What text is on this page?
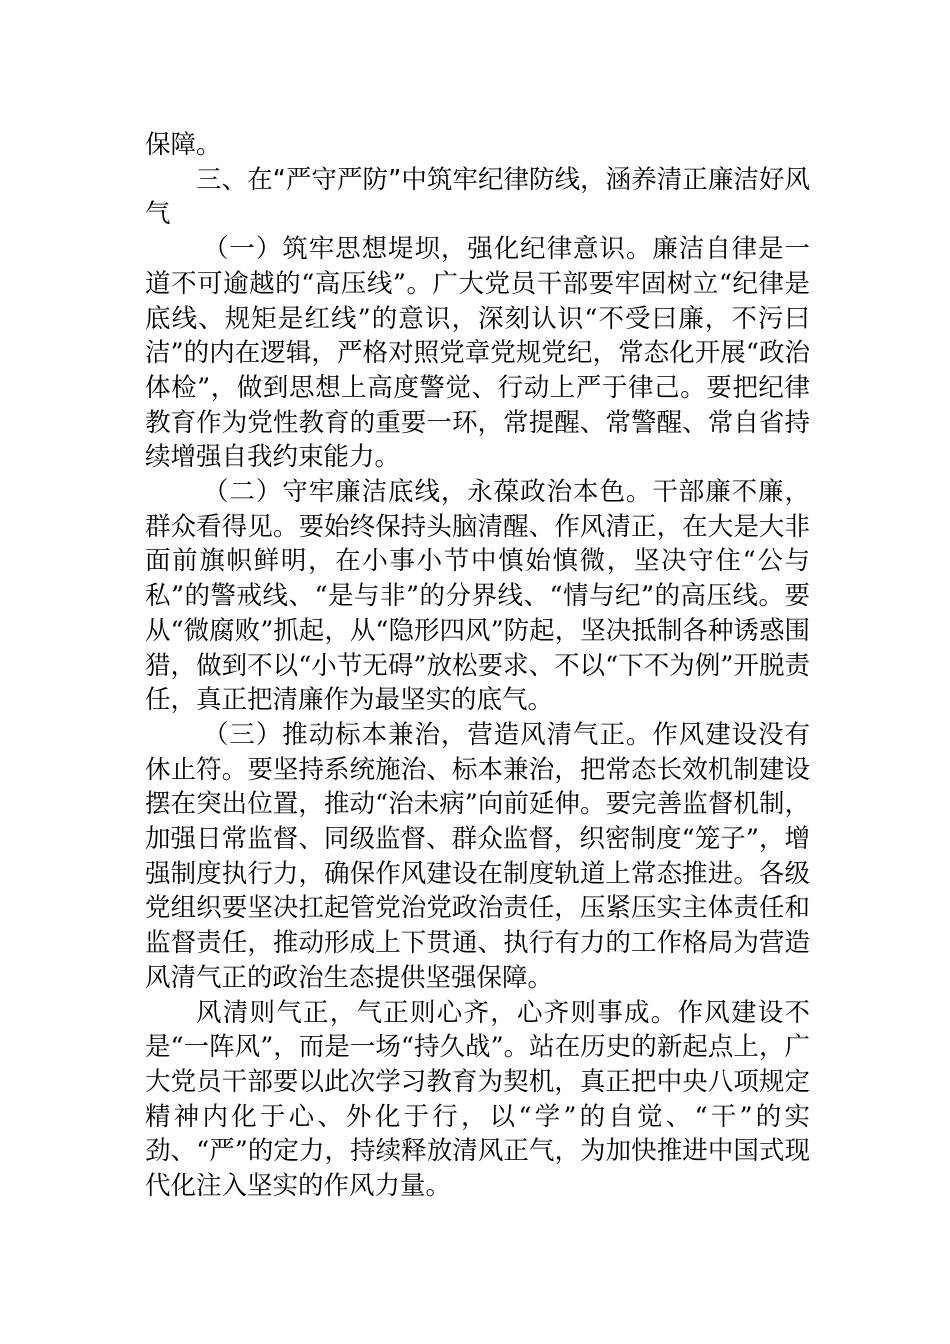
保障。

三、在“严守严防”中筑牢纪律防线，涵养清正廉洁好风气

（一）筑牢思想堤坝，强化纪律意识。廉洁自律是一道不可逾越的“高压线”。广大党员干部要牢固树立“纪律是底线、规矩是红线”的意识，深刻认识“不受曰廉，不污曰洁”的内在逻辑，严格对照党章党规党纪，常态化开展“政治体检”，做到思想上高度警觉、行动上严于律己。要把纪律教育作为党性教育的重要一环，常提醒、常警醒、常自省持续增强自我约束能力。

（二）守牢廉洁底线，永葆政治本色。干部廉不廉，群众看得见。要始终保持头脑清醒、作风清正，在大是大非面前旗帜鲜明，在小事小节中慎始慎微，坚决守住“公与私”的警戒线、“是与非”的分界线、“情与纪”的高压线。要从“微腐败”抓起，从“隐形四风”防起，坚决抵制各种诱惑围猎，做到不以“小节无碍”放松要求、不以“下不为例”开脱责任，真正把清廉作为最坚实的底气。

（三）推动标本兼治，营造风清气正。作风建设没有休止符。要坚持系统施治、标本兼治，把常态长效机制建设摆在突出位置，推动“治未病”向前延伸。要完善监督机制，加强日常监督、同级监督、群众监督，织密制度“笼子”，增强制度执行力，确保作风建设在制度轨道上常态推进。各级党组织要坚决扛起管党治党政治责任，压紧压实主体责任和监督责任，推动形成上下贯通、执行有力的工作格局为营造风清气正的政治生态提供坚强保障。

风清则气正，气正则心齐，心齐则事成。作风建设不是“一阵风”，而是一场“持久战”。站在历史的新起点上，广大党员干部要以此次学习教育为契机，真正把中央八项规定精神内化于心、外化于行，以“学”的自觉、“干”的实劲、“严”的定力，持续释放清风正气，为加快推进中国式现代化注入坚实的作风力量。
